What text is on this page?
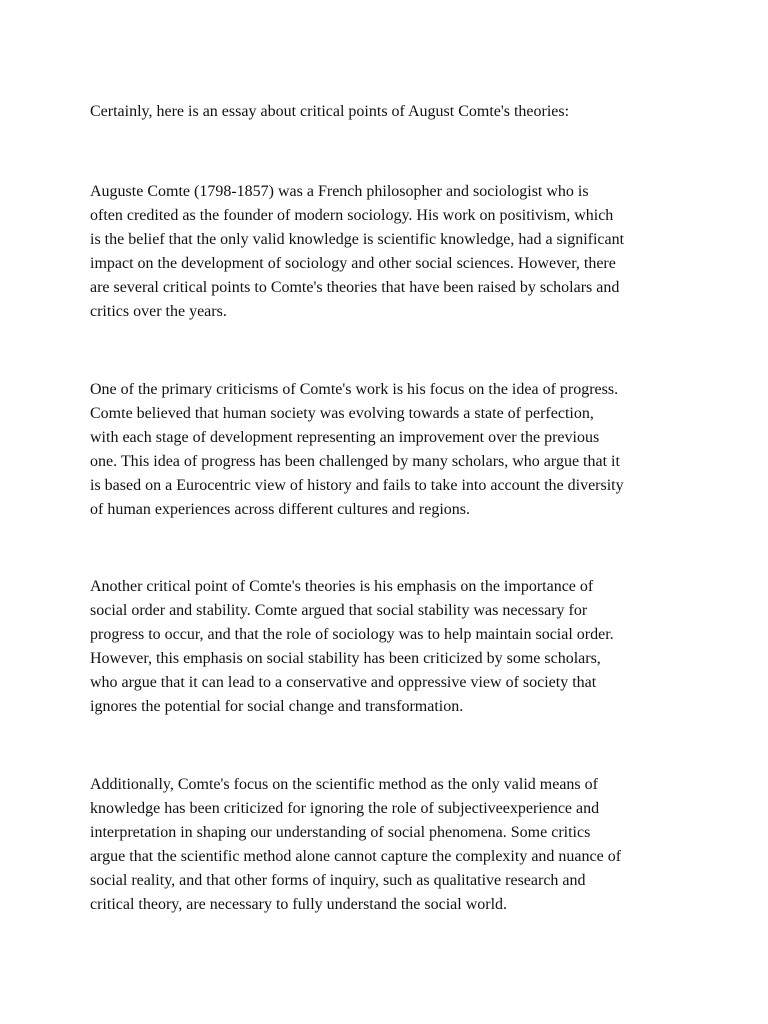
Certainly, here is an essay about critical points of August Comte's theories:

Auguste Comte (1798-1857) was a French philosopher and sociologist who is
often credited as the founder of modern sociology. His work on positivism, which
is the belief that the only valid knowledge is scientific knowledge, had a significant
impact on the development of sociology and other social sciences. However, there
are several critical points to Comte's theories that have been raised by scholars and
critics over the years.

One of the primary criticisms of Comte's work is his focus on the idea of progress.
Comte believed that human society was evolving towards a state of perfection,
with each stage of development representing an improvement over the previous
one. This idea of progress has been challenged by many scholars, who argue that it
is based on a Eurocentric view of history and fails to take into account the diversity
of human experiences across different cultures and regions.

Another critical point of Comte's theories is his emphasis on the importance of
social order and stability. Comte argued that social stability was necessary for
progress to occur, and that the role of sociology was to help maintain social order.
However, this emphasis on social stability has been criticized by some scholars,
who argue that it can lead to a conservative and oppressive view of society that
ignores the potential for social change and transformation.

Additionally, Comte's focus on the scientific method as the only valid means of
knowledge has been criticized for ignoring the role of subjectiveexperience and
interpretation in shaping our understanding of social phenomena. Some critics
argue that the scientific method alone cannot capture the complexity and nuance of
social reality, and that other forms of inquiry, such as qualitative research and
critical theory, are necessary to fully understand the social world.
